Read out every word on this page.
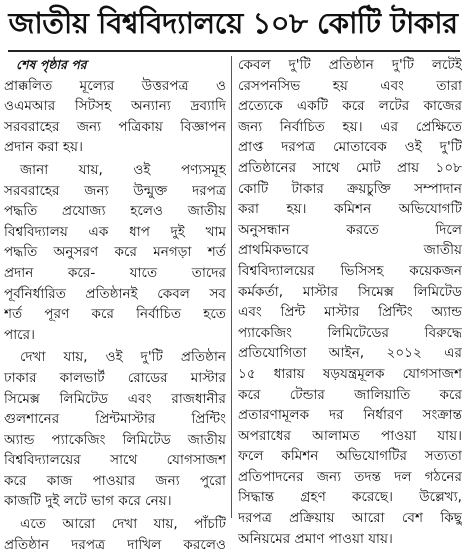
জাতীয় বিশ্ববিদ্যালয়ে ১০৮ কোটি টাকার
শেষ পৃষ্ঠার পর
প্রাক্কলিত মূল্যের উত্তরপত্র ও
ওএমআর সিটসহ অন্যান্য দ্রব্যাদি
সরবরাহের জন্য পত্রিকায় বিজ্ঞাপন
প্রদান করা হয়।
জানা যায়, ওই পণ্যসমূহ
সরবরাহের জন্য উন্মুক্ত দরপত্র
পদ্ধতি প্রযোজ্য হলেও জাতীয়
বিশ্ববিদ্যালয় এক ধাপ দুই খাম
পদ্ধতি অনুসরণ করে মনগড়া শর্ত
প্রদান করে- যাতে তাদের
পূর্বনির্ধারিত প্রতিষ্ঠানই কেবল সব
শর্ত পূরণ করে নির্বাচিত হতে
পারে।
দেখা যায়, ওই দু'টি প্রতিষ্ঠান
ঢাকার কালভার্ট রোডের মাস্টার
সিমেক্স লিমিটেড এবং রাজধানীর
গুলশানের প্রিন্টমাস্টার প্রিন্টিং
অ্যান্ড প্যাকেজিং লিমিটেড জাতীয়
বিশ্ববিদ্যালয়ের সাথে যোগসাজশ
করে কাজ পাওয়ার জন্য পুরো
কাজটি দুই লটে ভাগ করে নেয়।
এতে আরো দেখা যায়, পাঁচটি
প্রতিষ্ঠান দরপত্র দাখিল করলেও
কেবল দু'টি প্রতিষ্ঠান দু'টি লটেই
রেসপনসিভ হয় এবং তারা
প্রত্যেকে একটি করে লটের কাজের
জন্য নির্বাচিত হয়। এর প্রেক্ষিতে
প্রাপ্ত দরপত্র মোতাবেক ওই দু'টি
প্রতিষ্ঠানের সাথে মোট প্রায় ১০৮
কোটি টাকার ক্রয়চুক্তি সম্পাদান
করা হয়। কমিশন অভিযোগটি
অনুসন্ধান করতে দিলে
প্রাথমিকভাবে জাতীয়
বিশ্ববিদ্যালয়ের ভিসিসহ কয়েকজন
কর্মকর্তা, মাস্টার সিমেক্স লিমিটেড
এবং প্রিন্ট মাস্টার প্রিন্টিং অ্যান্ড
প্যাকেজিং লিমিটেডের বিরুদ্ধে
প্রতিযোগিতা আইন, ২০১২ এর
১৫ ধারায় ষড়যন্ত্রমূলক যোগসাজশ
করে টেন্ডার জালিয়াতি করে
প্রতারণামূলক দর নির্ধারণ সংক্রান্ত
অপরাধের আলামত পাওয়া যায়।
ফলে কমিশন অভিযোগটির সত্যতা
প্রতিপাদনের জন্য তদন্ত দল গঠনের
সিদ্ধান্ত গ্রহণ করেছে। উল্লেখ্য,
দরপত্র প্রক্রিয়ায় আরো বেশ কিছু
অনিয়মের প্রমাণ পাওয়া যায়।
